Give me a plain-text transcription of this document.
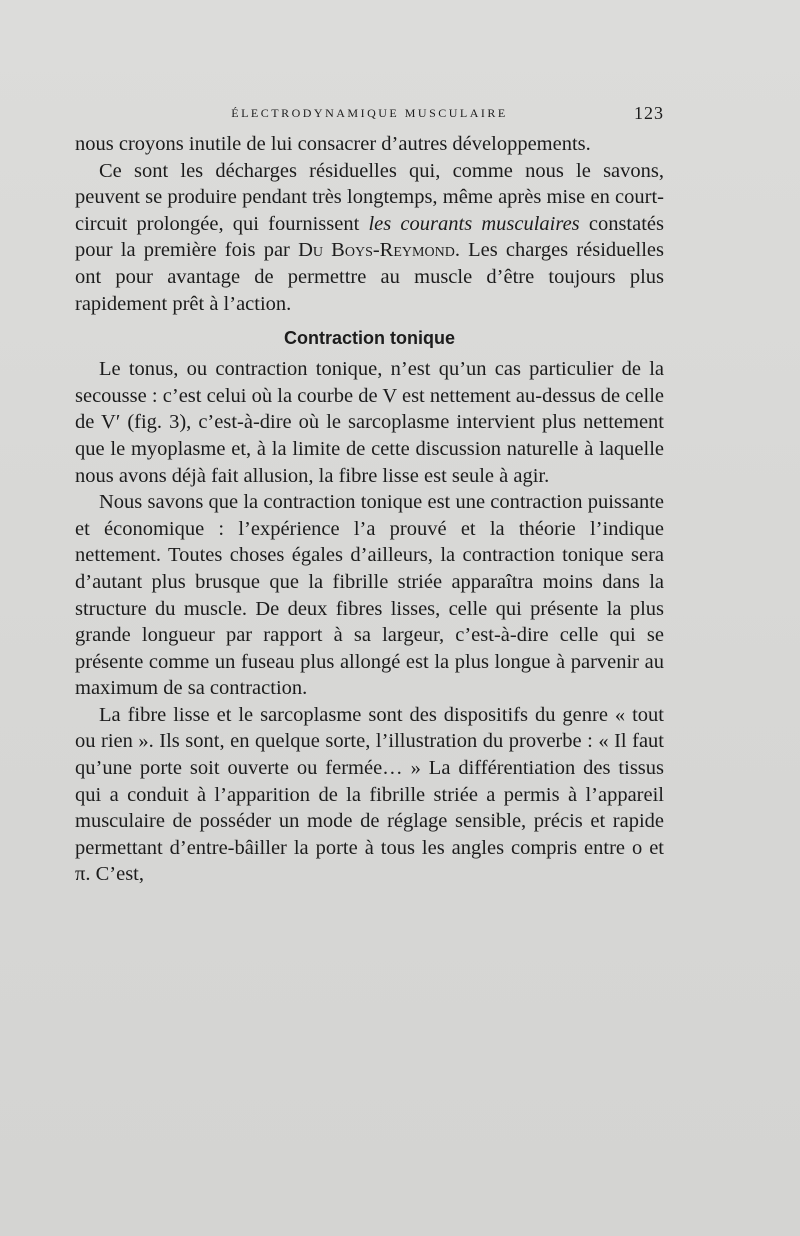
ÉLECTRODYNAMIQUE MUSCULAIRE	123

nous croyons inutile de lui consacrer d’autres développements.

Ce sont les décharges résiduelles qui, comme nous le savons, peuvent se produire pendant très longtemps, même après mise en court-circuit prolongée, qui fournissent les courants musculaires constatés pour la première fois par Du Boys-Reymond. Les charges résiduelles ont pour avantage de permettre au muscle d’être toujours plus rapidement prêt à l’action.

Contraction tonique

Le tonus, ou contraction tonique, n’est qu’un cas particulier de la secousse : c’est celui où la courbe de V est nettement au-dessus de celle de V′ (fig. 3), c’est-à-dire où le sarcoplasme intervient plus nettement que le myoplasme et, à la limite de cette discussion naturelle à laquelle nous avons déjà fait allusion, la fibre lisse est seule à agir.

Nous savons que la contraction tonique est une contraction puissante et économique : l’expérience l’a prouvé et la théorie l’indique nettement. Toutes choses égales d’ailleurs, la contraction tonique sera d’autant plus brusque que la fibrille striée apparaîtra moins dans la structure du muscle. De deux fibres lisses, celle qui présente la plus grande longueur par rapport à sa largeur, c’est-à-dire celle qui se présente comme un fuseau plus allongé est la plus longue à parvenir au maximum de sa contraction.

La fibre lisse et le sarcoplasme sont des dispositifs du genre « tout ou rien ». Ils sont, en quelque sorte, l’illustration du proverbe : « Il faut qu’une porte soit ouverte ou fermée… » La différentiation des tissus qui a conduit à l’apparition de la fibrille striée a permis à l’appareil musculaire de posséder un mode de réglage sensible, précis et rapide permettant d’entre-bâiller la porte à tous les angles compris entre o et π. C’est,
